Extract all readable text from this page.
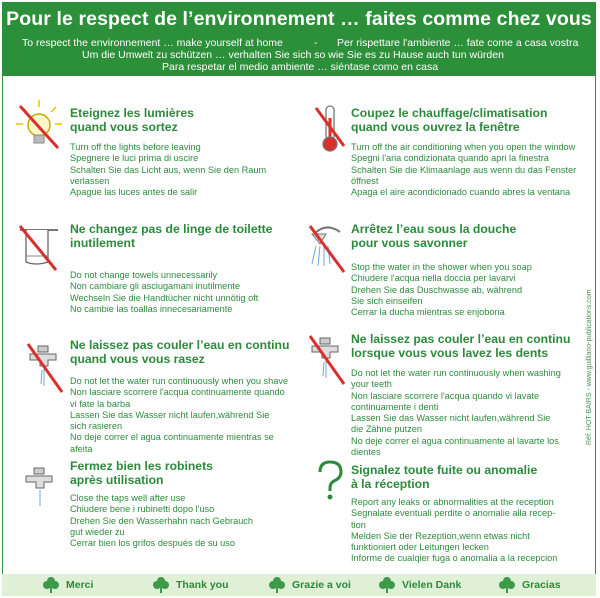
Pour le respect de l’environnement … faites comme chez vous
To respect the environnement … make yourself at home	- Per rispettare l'ambiente … fate come a casa vostra
Um die Umwelt zu schützen … verhalten Sie sich so wie Sie es zu Hause auch tun würden
Para respetar el medio ambiente … siéntase como en casa
Eteignez les lumières
quand vous sortez
Turn off the lights before leaving
Spegnere le luci prima di uscire
Schalten Sie das Licht aus, wenn Sie den Raum
verlassen
Apague las luces antes de salir
Coupez le chauffage/climatisation
quand vous ouvrez la fenêtre
Turn off the air conditioning when you open the window
Spegni l'aria condizionata quando apri la finestra
Schalten Sie die Klimaanlage aus wenn du das Fenster
öffnest
Apaga el aire acondicionado cuando abres la ventana
Ne changez pas de linge de toilette
inutilement
Do not change towels unnecessarily
Non cambiare gli asciugamani inutilmente
Wechseln Sie die Handtücher nicht unnötig oft
No cambie las toallas innecesariamente
Arrêtez l’eau sous la douche
pour vous savonner
Stop the water in the shower when you soap
Chiudere l'acqua nella doccia per lavarvi
Drehen Sie das Duschwasse ab, während
Sie sich einseifen
Cerrar la ducha mientras se enjobona
Ne laissez pas couler l’eau en continu
quand vous vous rasez
Do not let the water run continuously when you shave
Non lasciare scorrere l'acqua continuamente quando
vi fate la barba
Lassen Sie das Wasser nicht laufen,während Sie
sich rasieren
No deje correr el agua continuamente mientras se
afeita
Ne laissez pas couler l’eau en continu
lorsque vous vous lavez les dents
Do not let the water run continuously when washing
your teeth
Non lasciare scorrere l'acqua quando vi lavate
continuamente i denti
Lassen Sie das Wasser nicht laufen,während Sie
die Zähne putzen
No deje correr el agua continuamente al lavarte los
dientes
Fermez bien les robinets
après utilisation
Close the taps well after use
Chiudere bene i rubinetti dopo l'uso
Drehen Sie den Wasserhahn nach Gebrauch
gut wieder zu
Cerrar bien los grifos después de su uso
Signalez toute fuite ou anomalie
à la réception
Report any leaks or abnormalities at the reception
Segnalate eventuali perdite o anomalie alla recep-
tion
Melden Sie der Rezeption,wenn etwas nicht
funktioniert oder Leitungen lecken
Informe de cualqier fuga o anomalia a la recepcion
Réf: HOT-BAIRS - www.guilliano-publications.com
Merci	Thank you	Grazie a voi	Vielen Dank	Gracias
